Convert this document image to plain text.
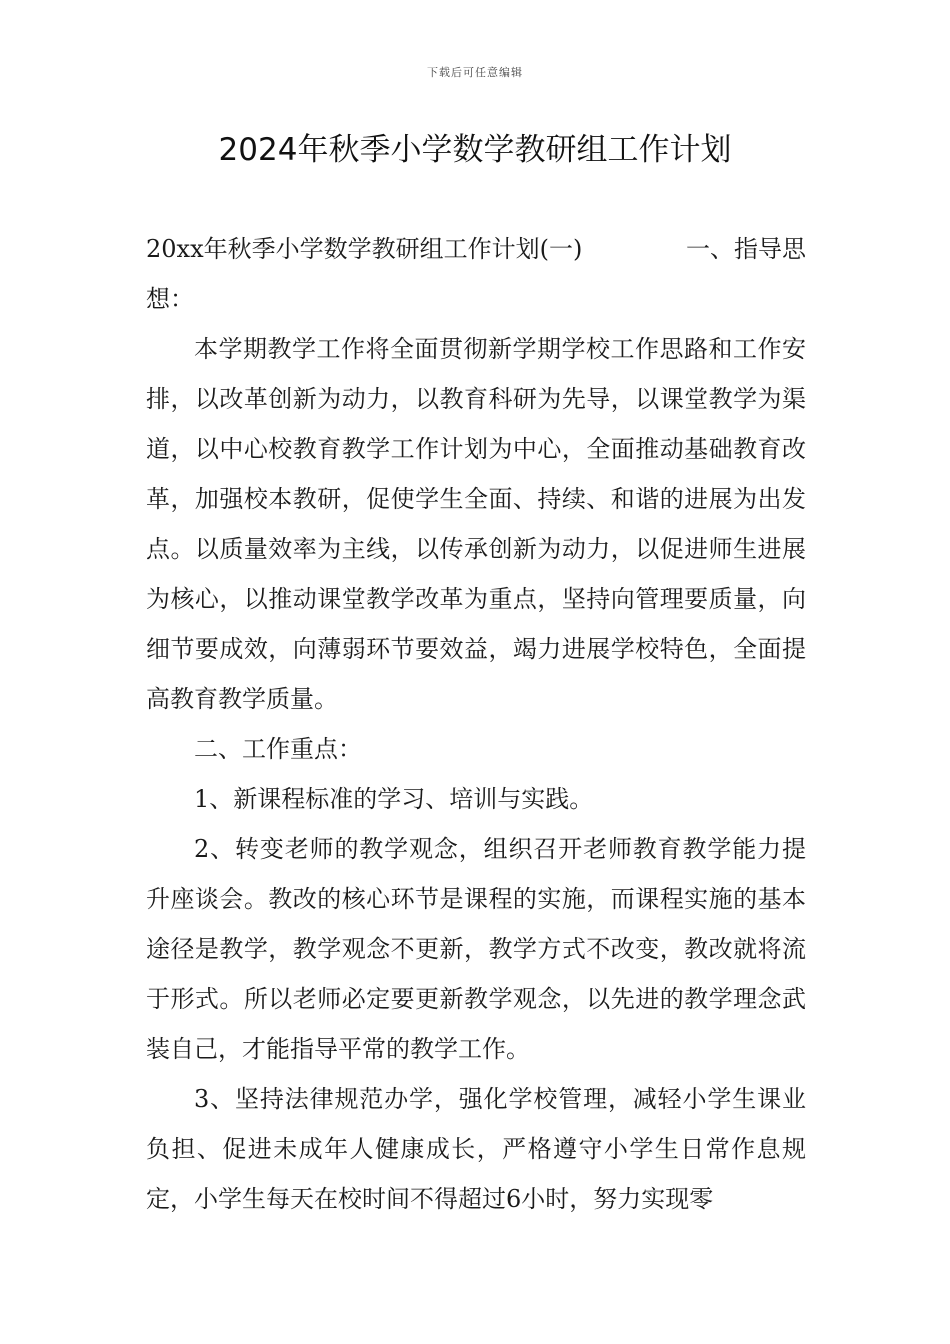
下载后可任意编辑
2024年秋季小学数学教研组工作计划
20xx年秋季小学数学教研组工作计划(一)	一、指导思

想：

本学期教学工作将全面贯彻新学期学校工作思路和工作安排，以改革创新为动力，以教育科研为先导，以课堂教学为渠道，以中心校教育教学工作计划为中心，全面推动基础教育改革，加强校本教研，促使学生全面、持续、和谐的进展为出发点。以质量效率为主线，以传承创新为动力，以促进师生进展为核心，以推动课堂教学改革为重点，坚持向管理要质量，向细节要成效，向薄弱环节要效益，竭力进展学校特色，全面提高教育教学质量。

二、工作重点：

1、新课程标准的学习、培训与实践。

2、转变老师的教学观念，组织召开老师教育教学能力提升座谈会。教改的核心环节是课程的实施，而课程实施的基本途径是教学，教学观念不更新，教学方式不改变，教改就将流于形式。所以老师必定要更新教学观念，以先进的教学理念武装自己，才能指导平常的教学工作。

3、坚持法律规范办学，强化学校管理，减轻小学生课业负担、促进未成年人健康成长，严格遵守小学生日常作息规定，小学生每天在校时间不得超过6小时，努力实现零
